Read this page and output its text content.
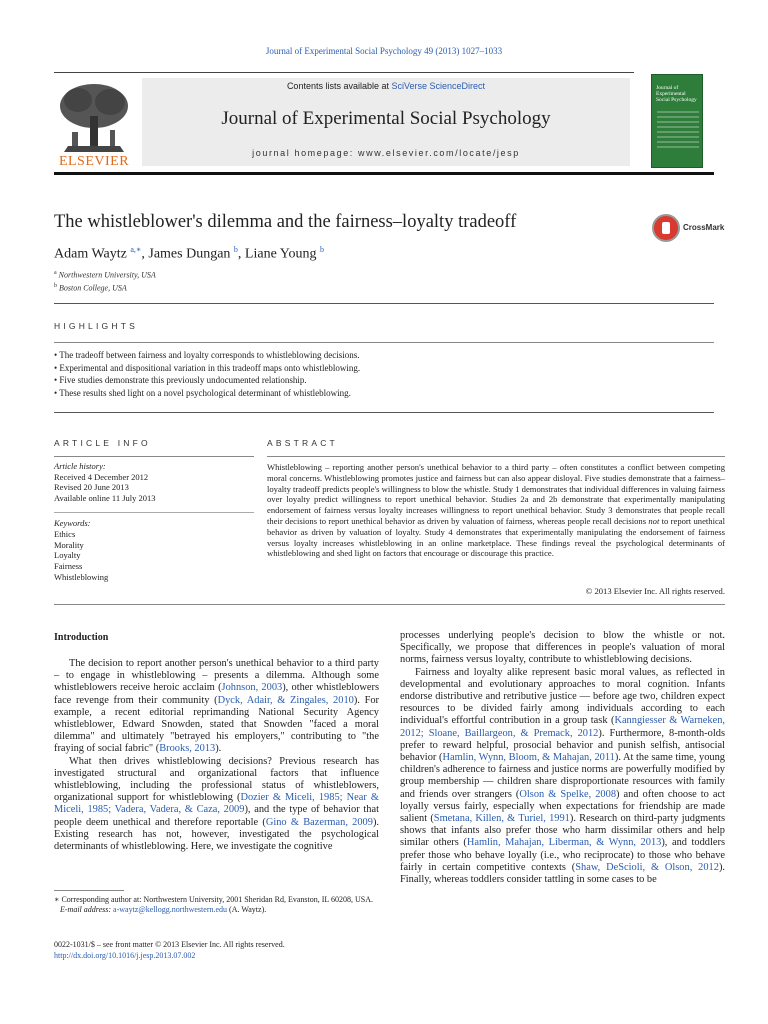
Journal of Experimental Social Psychology 49 (2013) 1027–1033
ELSEVIER
Contents lists available at SciVerse ScienceDirect
Journal of Experimental Social Psychology
journal homepage: www.elsevier.com/locate/jesp
Journal of Experimental Social Psychology
The whistleblower's dilemma and the fairness–loyalty tradeoff	CrossMark
Adam Waytz $^{a,∗}$, James Dungan $^b$, Liane Young $^b$
$^a$ Northwestern University, USA
$^b$ Boston College, USA
HIGHLIGHTS
• The tradeoff between fairness and loyalty corresponds to whistleblowing decisions.
• Experimental and dispositional variation in this tradeoff maps onto whistleblowing.
• Five studies demonstrate this previously undocumented relationship.
• These results shed light on a novel psychological determinant of whistleblowing.
ARTICLE INFO	ABSTRACT
Article history:
Received 4 December 2012
Revised 20 June 2013
Available online 11 July 2013
Keywords:
Ethics
Morality
Loyalty
Fairness
Whistleblowing
Whistleblowing – reporting another person's unethical behavior to a third party – often constitutes a conflict between competing moral concerns. Whistleblowing promotes justice and fairness but can also appear disloyal. Five studies demonstrate that a fairness–loyalty tradeoff predicts people's willingness to blow the whistle. Study 1 demonstrates that individual differences in valuing fairness over loyalty predict willingness to report unethical behavior. Studies 2a and 2b demonstrate that experimentally manipulating endorsement of fairness versus loyalty increases willingness to report unethical behavior. Study 3 demonstrates that people recall their decisions to report unethical behavior as driven by valuation of fairness, whereas people recall decisions not to report unethical behavior as driven by valuation of loyalty. Study 4 demonstrates that experimentally manipulating the endorsement of fairness versus loyalty increases whistleblowing in an online marketplace. These findings reveal the psychological determinants of whistleblowing and shed light on factors that encourage or discourage this practice.
© 2013 Elsevier Inc. All rights reserved.
Introduction

The decision to report another person's unethical behavior to a third party – to engage in whistleblowing – presents a dilemma. Although some whistleblowers receive heroic acclaim (Johnson, 2003), other whistleblowers face revenge from their community (Dyck, Adair, & Zingales, 2010). For example, a recent editorial reprimanding National Security Agency whistleblower, Edward Snowden, stated that Snowden "faced a moral dilemma" and ultimately "betrayed his employers," contributing to "the fraying of social fabric" (Brooks, 2013).

What then drives whistleblowing decisions? Previous research has investigated structural and organizational factors that influence whistleblowing, including the professional status of whistleblowers, organizational support for whistleblowing (Dozier & Miceli, 1985; Near & Miceli, 1985; Vadera, Vadera, & Caza, 2009), and the type of behavior that people deem unethical and therefore reportable (Gino & Bazerman, 2009). Existing research has not, however, investigated the psychological determinants of whistleblowing. Here, we investigate the cognitive

processes underlying people's decision to blow the whistle or not. Specifically, we propose that differences in people's valuation of moral norms, fairness versus loyalty, contribute to whistleblowing decisions.

Fairness and loyalty alike represent basic moral values, as reflected in developmental and evolutionary approaches to moral cognition. Infants endorse distributive and retributive justice — before age two, children expect resources to be divided fairly among individuals according to each individual's effortful contribution in a group task (Kanngiesser & Warneken, 2012; Sloane, Baillargeon, & Premack, 2012). Furthermore, 8-month-olds prefer to reward helpful, prosocial behavior and punish selfish, antisocial behavior (Hamlin, Wynn, Bloom, & Mahajan, 2011). At the same time, young children's adherence to fairness and justice norms are powerfully modified by group membership — children share disproportionate resources with family and friends over strangers (Olson & Spelke, 2008) and often choose to act loyally versus fairly, especially when expectations for friendship are made salient (Smetana, Killen, & Turiel, 1991). Research on third-party judgments shows that infants also prefer those who harm dissimilar others and help similar others (Hamlin, Mahajan, Liberman, & Wynn, 2013), and toddlers prefer those who behave loyally (i.e., who reciprocate) to those who behave fairly in certain competitive contexts (Shaw, DeScioli, & Olson, 2012). Finally, whereas toddlers consider tattling in some cases to be

∗ Corresponding author at: Northwestern University, 2001 Sheridan Rd, Evanston, IL 60208, USA.
E-mail address: a-waytz@kellogg.northwestern.edu (A. Waytz).
0022-1031/$ – see front matter © 2013 Elsevier Inc. All rights reserved.
http://dx.doi.org/10.1016/j.jesp.2013.07.002
